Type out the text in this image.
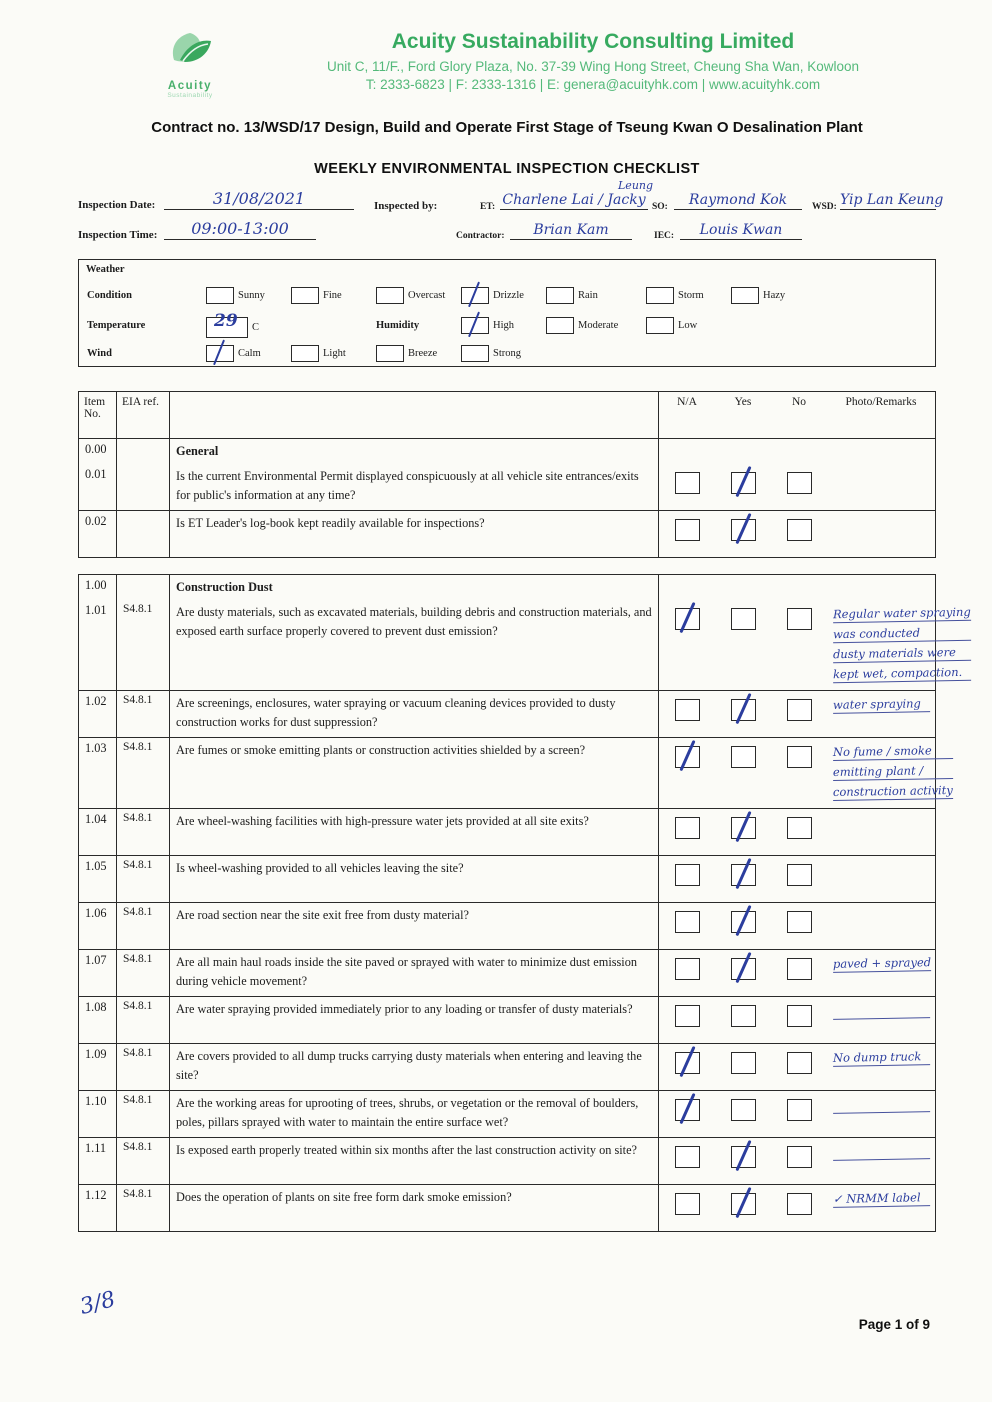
Acuity
Sustainability
Acuity Sustainability Consulting Limited
Unit C, 11/F., Ford Glory Plaza, No. 37-39 Wing Hong Street, Cheung Sha Wan, Kowloon
T: 2333-6823 | F: 2333-1316 | E: genera@acuityhk.com | www.acuityhk.com
Contract no. 13/WSD/17 Design, Build and Operate First Stage of Tseung Kwan O Desalination Plant
WEEKLY ENVIRONMENTAL INSPECTION CHECKLIST
Inspection Date:	31/08/2021	Inspected by:	ET: Charlene Lai / Jacky
Leung
SO:	Raymond Kok	WSD: Yip Lan Keung
Inspection Time:	09:00-13:00	Contractor:	Brian Kam	IEC:	Louis Kwan
Weather
Condition	Sunny	Fine	Overcast	Drizzle	Rain	Storm	Hazy
Temperature	29 C	Humidity	High	Moderate	Low
Wind	Calm	Light	Breeze	Strong
Item
No.
EIA ref.	N/A	Yes	No	Photo/Remarks
0.00	General
0.01	Is the current Environmental Permit displayed conspicuously at all vehicle site entrances/exits for public's information at any time?
0.02	Is ET Leader's log-book kept readily available for inspections?
1.00	Construction Dust
1.01	S4.8.1	Are dusty materials, such as excavated materials, building debris and construction materials, and exposed earth surface properly covered to prevent dust emission?
Regular water spraying
was conducted
dusty materials were
kept wet, compaction.
1.02	S4.8.1	Are screenings, enclosures, water spraying or vacuum cleaning devices provided to dusty construction works for dust suppression?
water spraying
1.03	S4.8.1	Are fumes or smoke emitting plants or construction activities shielded by a screen?	No fume / smoke
emitting plant /
construction activity
1.04	S4.8.1	Are wheel-washing facilities with high-pressure water jets provided at all site exits?
1.05	S4.8.1	Is wheel-washing provided to all vehicles leaving the site?
1.06	S4.8.1	Are road section near the site exit free from dusty material?
1.07	S4.8.1	Are all main haul roads inside the site paved or sprayed with water to minimize dust emission during vehicle movement?
paved + sprayed
1.08	S4.8.1	Are water spraying provided immediately prior to any loading or transfer of dusty materials?
1.09	S4.8.1	Are covers provided to all dump trucks carrying dusty materials when entering and leaving the site?
No dump truck
1.10	S4.8.1	Are the working areas for uprooting of trees, shrubs, or vegetation or the removal of boulders, poles, pillars sprayed with water to maintain the entire surface wet?
1.11	S4.8.1	Is exposed earth properly treated within six months after the last construction activity on site?
1.12	S4.8.1	Does the operation of plants on site free form dark smoke emission?	✓ NRMM label
3/8
Page 1 of 9
